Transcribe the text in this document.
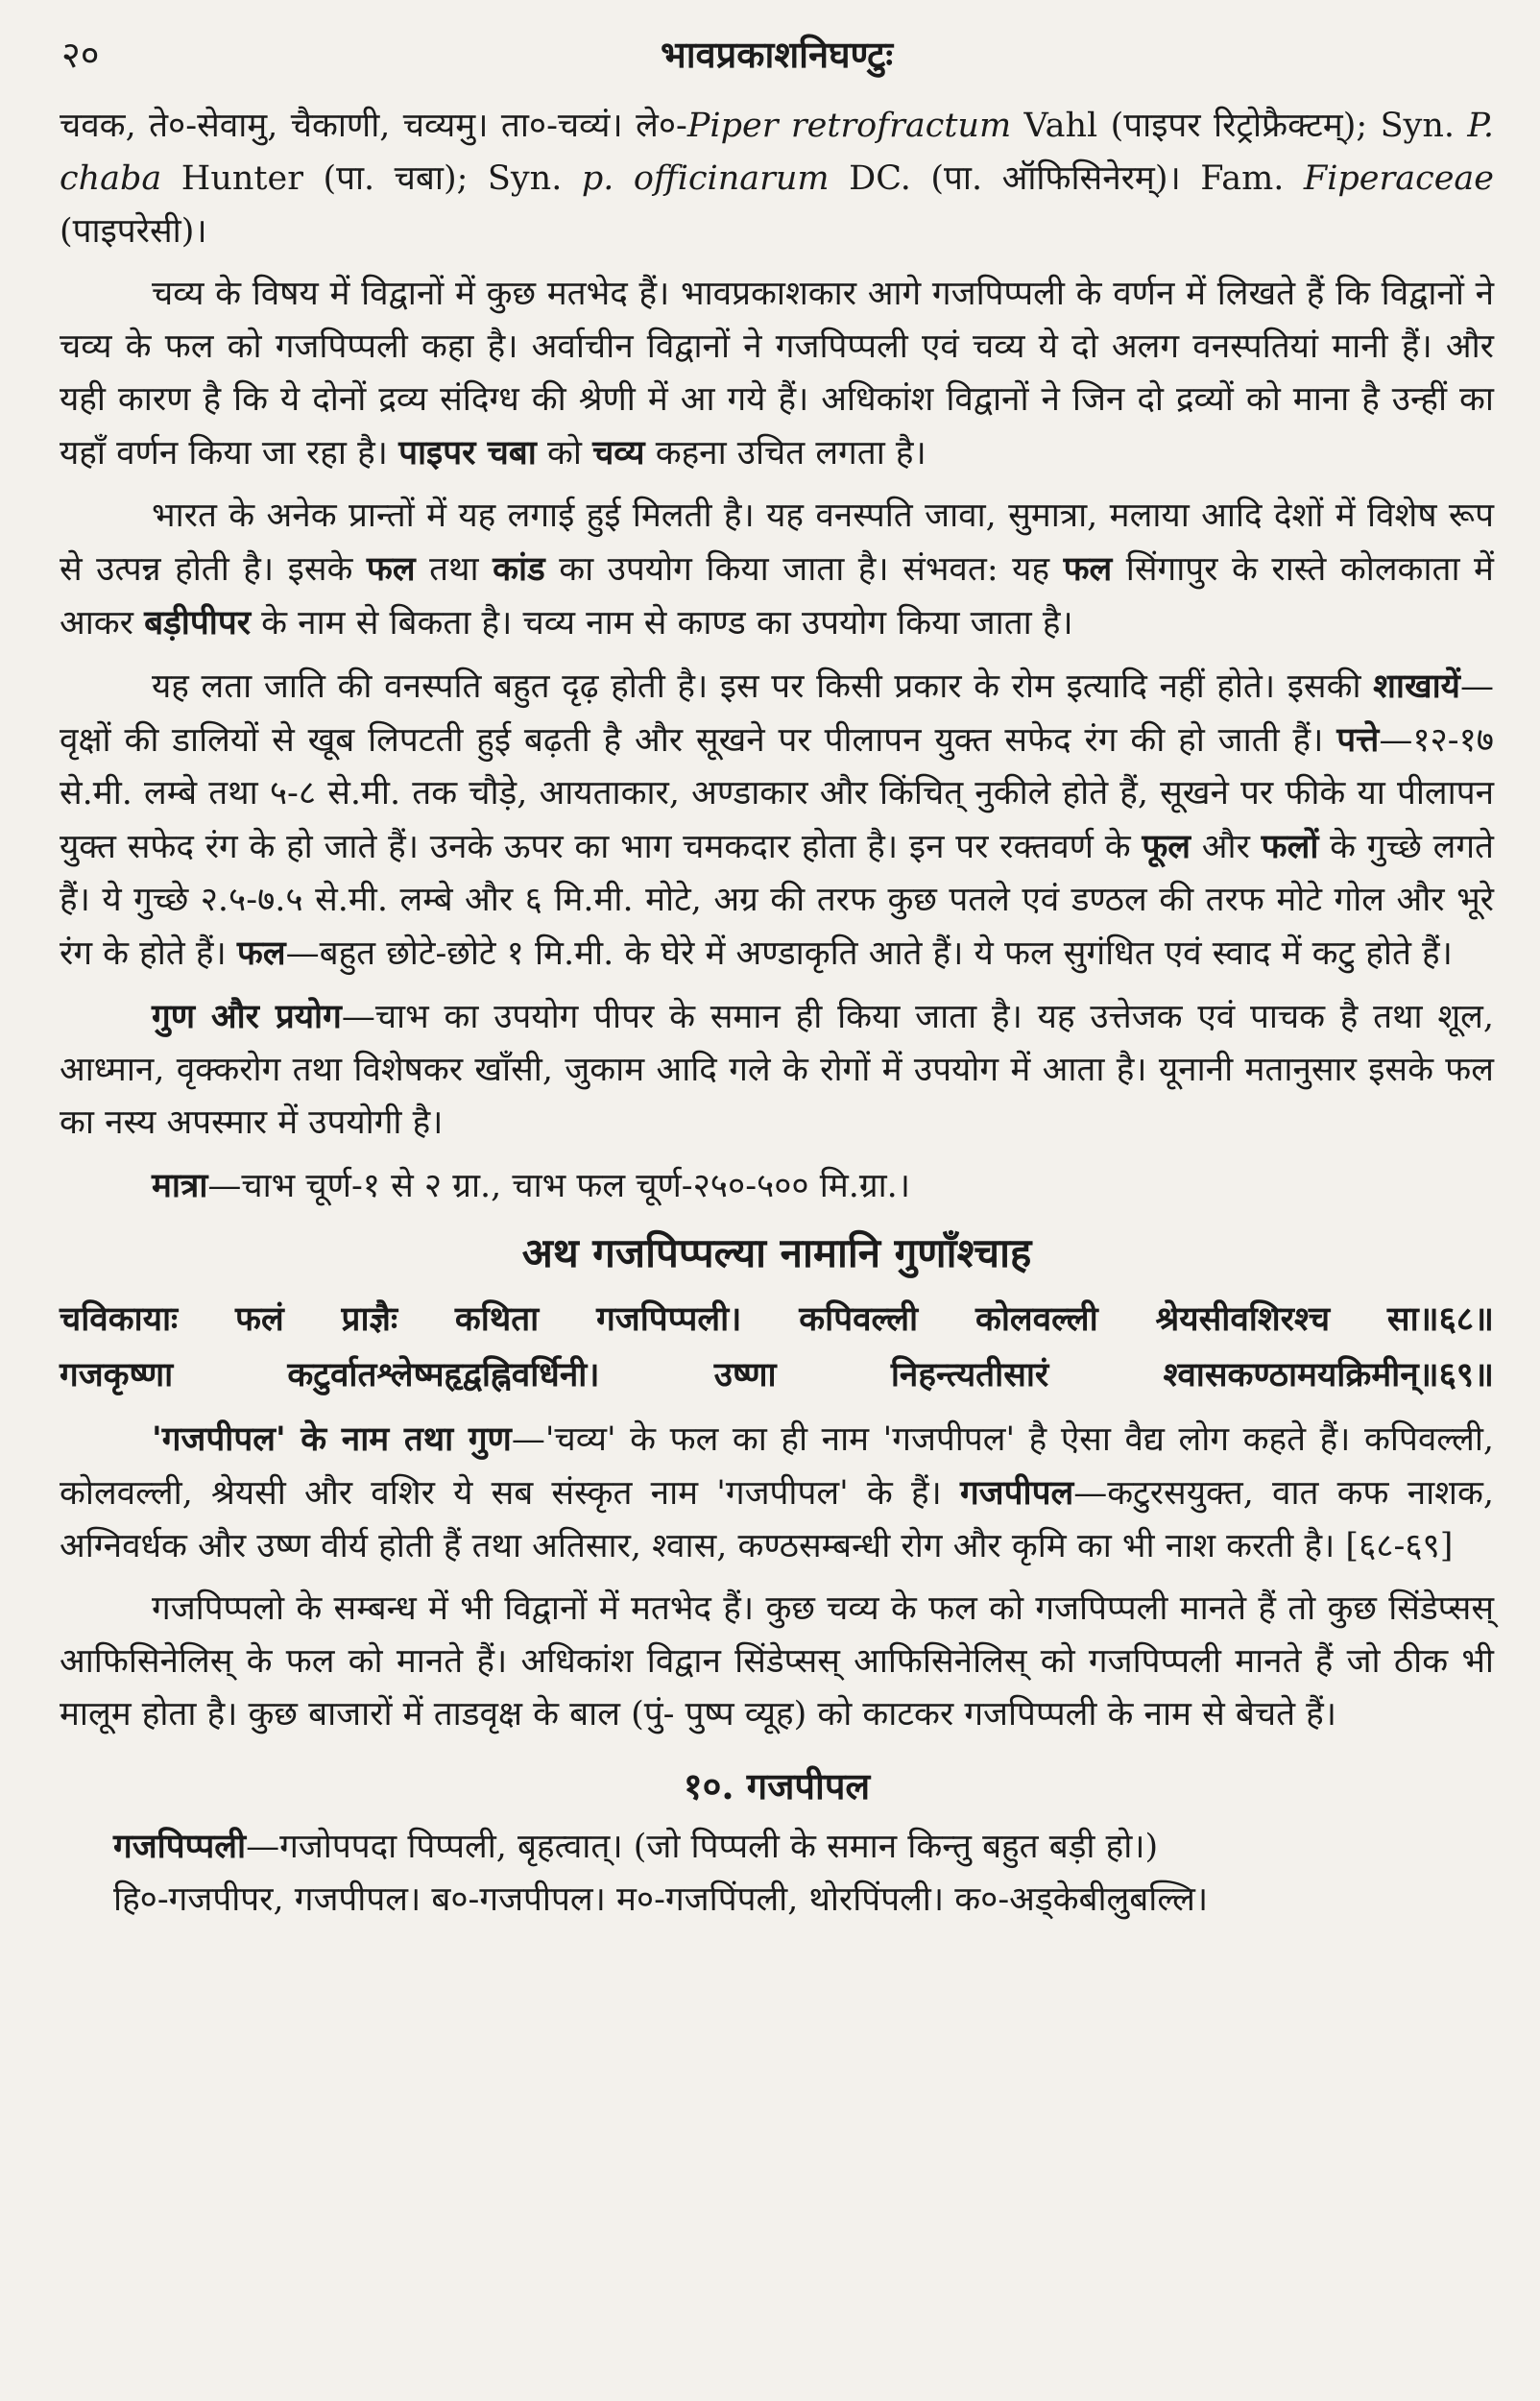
२०	भावप्रकाशनिघण्टुः

चवक, ते०-सेवामु, चैकाणी, चव्यमु। ता०-चव्यं। ले०-Piper retrofractum Vahl (पाइपर रिट्रोफ्रैक्टम्); Syn. P. chaba Hunter (पा. चबा); Syn. p. officinarum DC. (पा. ऑफिसिनेरम्)। Fam. Fiperaceae (पाइपरेसी)।

चव्य के विषय में विद्वानों में कुछ मतभेद हैं। भावप्रकाशकार आगे गजपिप्पली के वर्णन में लिखते हैं कि विद्वानों ने चव्य के फल को गजपिप्पली कहा है। अर्वाचीन विद्वानों ने गजपिप्पली एवं चव्य ये दो अलग वनस्पतियां मानी हैं। और यही कारण है कि ये दोनों द्रव्य संदिग्ध की श्रेणी में आ गये हैं। अधिकांश विद्वानों ने जिन दो द्रव्यों को माना है उन्हीं का यहाँ वर्णन किया जा रहा है। पाइपर चबा को चव्य कहना उचित लगता है।

भारत के अनेक प्रान्तों में यह लगाई हुई मिलती है। यह वनस्पति जावा, सुमात्रा, मलाया आदि देशों में विशेष रूप से उत्पन्न होती है। इसके फल तथा कांड का उपयोग किया जाता है। संभवत: यह फल सिंगापुर के रास्ते कोलकाता में आकर बड़ीपीपर के नाम से बिकता है। चव्य नाम से काण्ड का उपयोग किया जाता है।

यह लता जाति की वनस्पति बहुत दृढ़ होती है। इस पर किसी प्रकार के रोम इत्यादि नहीं होते। इसकी शाखायें—वृक्षों की डालियों से खूब लिपटती हुई बढ़ती है और सूखने पर पीलापन युक्त सफेद रंग की हो जाती हैं। पत्ते—१२-१७ से.मी. लम्बे तथा ५-८ से.मी. तक चौड़े, आयताकार, अण्डाकार और किंचित् नुकीले होते हैं, सूखने पर फीके या पीलापन युक्त सफेद रंग के हो जाते हैं। उनके ऊपर का भाग चमकदार होता है। इन पर रक्तवर्ण के फूल और फलों के गुच्छे लगते हैं। ये गुच्छे २.५-७.५ से.मी. लम्बे और ६ मि.मी. मोटे, अग्र की तरफ कुछ पतले एवं डण्ठल की तरफ मोटे गोल और भूरे रंग के होते हैं। फल—बहुत छोटे-छोटे १ मि.मी. के घेरे में अण्डाकृति आते हैं। ये फल सुगंधित एवं स्वाद में कटु होते हैं।

गुण और प्रयोग—चाभ का उपयोग पीपर के समान ही किया जाता है। यह उत्तेजक एवं पाचक है तथा शूल, आध्मान, वृक्करोग तथा विशेषकर खाँसी, जुकाम आदि गले के रोगों में उपयोग में आता है। यूनानी मतानुसार इसके फल का नस्य अपस्मार में उपयोगी है।

मात्रा—चाभ चूर्ण-१ से २ ग्रा., चाभ फल चूर्ण-२५०-५०० मि.ग्रा.।

अथ गजपिप्पल्या नामानि गुणाँश्चाह
चविकायाः फलं प्राज्ञैः कथिता गजपिप्पली। कपिवल्ली कोलवल्ली श्रेयसीवशिरश्च सा॥६८॥
गजकृष्णा	कटुर्वातश्लेष्महृद्वह्निवर्धिनी।	उष्णा	निहन्त्यतीसारं	श्वासकण्ठामयक्रिमीन्॥६९॥

'गजपीपल' के नाम तथा गुण—'चव्य' के फल का ही नाम 'गजपीपल' है ऐसा वैद्य लोग कहते हैं। कपिवल्ली, कोलवल्ली, श्रेयसी और वशिर ये सब संस्कृत नाम 'गजपीपल' के हैं। गजपीपल—कटुरसयुक्त, वात कफ नाशक, अग्निवर्धक और उष्ण वीर्य होती हैं तथा अतिसार, श्वास, कण्ठसम्बन्धी रोग और कृमि का भी नाश करती है। [६८-६९]

गजपिप्पलो के सम्बन्ध में भी विद्वानों में मतभेद हैं। कुछ चव्य के फल को गजपिप्पली मानते हैं तो कुछ सिंडेप्सस् आफिसिनेलिस् के फल को मानते हैं। अधिकांश विद्वान सिंडेप्सस् आफिसिनेलिस् को गजपिप्पली मानते हैं जो ठीक भी मालूम होता है। कुछ बाजारों में ताडवृक्ष के बाल (पुं- पुष्प व्यूह) को काटकर गजपिप्पली के नाम से बेचते हैं।

१०. गजपीपल

गजपिप्पली—गजोपपदा पिप्पली, बृहत्वात्। (जो पिप्पली के समान किन्तु बहुत बड़ी हो।)

हि०-गजपीपर, गजपीपल। ब०-गजपीपल। म०-गजपिंपली, थोरपिंपली। क०-अड्केबीलुबल्लि।
